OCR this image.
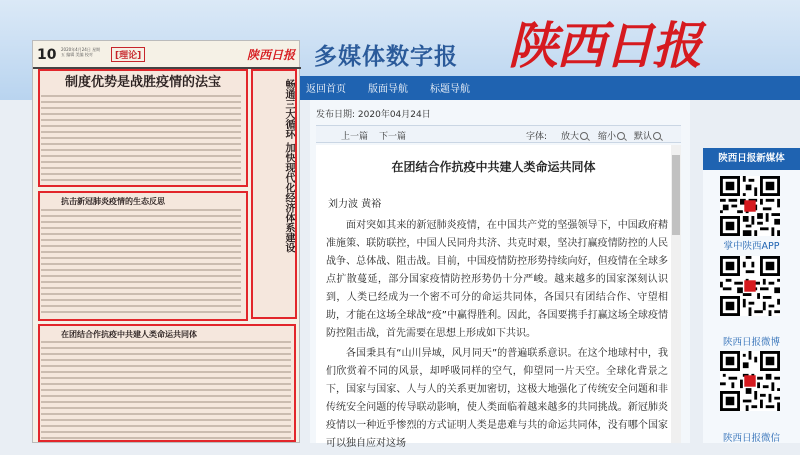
多媒体数字报 陕西日报
返回首页 版面导航 标题导航
10 2020年4月24日 星期五 编辑 美编 校对	[理论]	陕西日报
制度优势是战胜疫情的法宝
抗击新冠肺炎疫情的生态反思
在团结合作抗疫中共建人类命运共同体
畅通三大循环 加快现代化经济体系建设 发布日期: 2020年04月24日
上一篇 下一篇	字体: 放大	缩小	默认
在团结合作抗疫中共建人类命运共同体
刘力波 黄裕

面对突如其来的新冠肺炎疫情，在中国共产党的坚强领导下，中国政府精准施策、联防联控，中国人民同舟共济、共克时艰，坚决打赢疫情防控的人民战争、总体战、阻击战。目前，中国疫情防控形势持续向好，但疫情在全球多点扩散蔓延，部分国家疫情防控形势仍十分严峻。越来越多的国家深刻认识到，人类已经成为一个密不可分的命运共同体，各国只有团结合作、守望相助，才能在这场全球战“疫”中赢得胜利。因此，各国要携手打赢这场全球疫情防控阻击战，首先需要在思想上形成如下共识。

各国秉具有“山川异域，风月同天”的普遍联系意识。在这个地球村中，我们欣赏着不同的风景，却呼吸同样的空气，仰望同一片天空。全球化背景之下，国家与国家、人与人的关系更加密切，这极大地强化了传统安全问题和非传统安全问题的传导联动影响，使人类面临着越来越多的共同挑战。新冠肺炎疫情以一种近乎惨烈的方式证明人类是患难与共的命运共同体，没有哪个国家可以独自应对这场

陕西日报新媒体
掌中陕西APP
陕西日报微博
陕西日报微信
